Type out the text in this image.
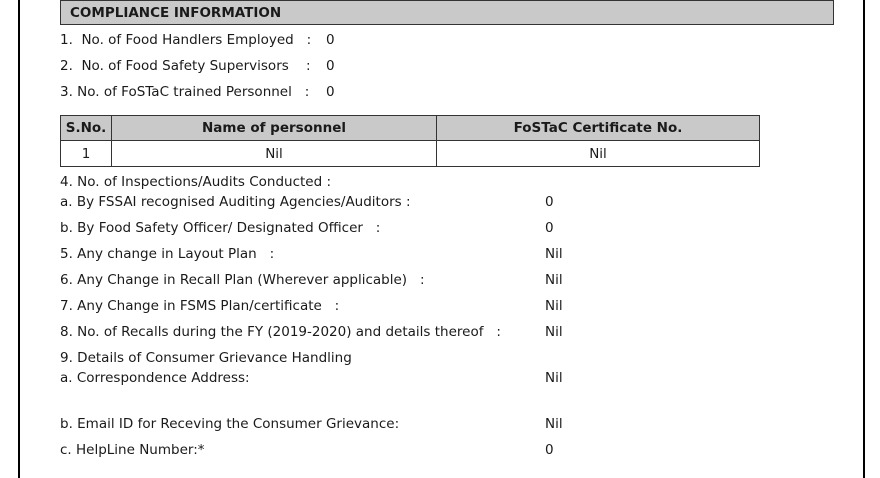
COMPLIANCE INFORMATION
1.  No. of Food Handlers Employed   : 0
2.  No. of Food Safety Supervisors    : 0
3. No. of FoSTaC trained Personnel   : 0
S.No.	Name of personnel	FoSTaC Certificate No.
1	Nil	Nil
4. No. of Inspections/Audits Conducted :
a. By FSSAI recognised Auditing Agencies/Auditors :	0
b. By Food Safety Officer/ Designated Officer   :	0
5. Any change in Layout Plan   :	Nil
6. Any Change in Recall Plan (Wherever applicable)   :	Nil
7. Any Change in FSMS Plan/certificate   :	Nil
8. No. of Recalls during the FY (2019-2020) and details thereof   :	Nil
9. Details of Consumer Grievance Handling
a. Correspondence Address:	Nil
b. Email ID for Receving the Consumer Grievance:	Nil
c. HelpLine Number:*	0
